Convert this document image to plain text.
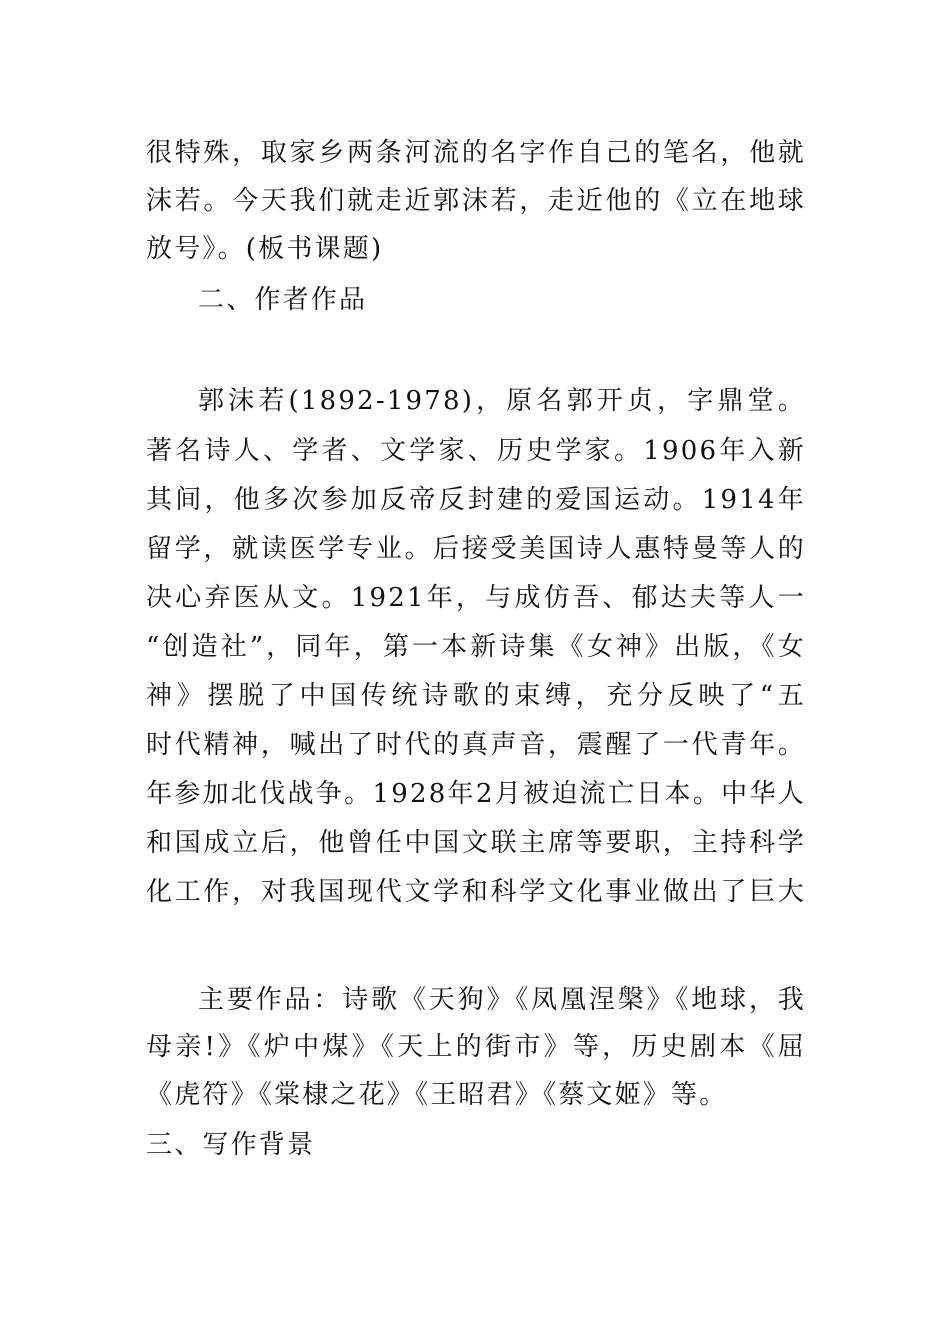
很特殊，取家乡两条河流的名字作自己的笔名，他就
沫若。今天我们就走近郭沫若，走近他的《立在地球
放号》。(板书课题)
二、作者作品
郭沫若(1892-1978)，原名郭开贞，字鼎堂。
著名诗人、学者、文学家、历史学家。1906年入新
其间，他多次参加反帝反封建的爱国运动。1914年
留学，就读医学专业。后接受美国诗人惠特曼等人的
决心弃医从文。1921年，与成仿吾、郁达夫等人一
“创造社”，同年，第一本新诗集《女神》出版，《女
神》摆脱了中国传统诗歌的束缚，充分反映了“五
时代精神，喊出了时代的真声音，震醒了一代青年。
年参加北伐战争。1928年2月被迫流亡日本。中华人
和国成立后，他曾任中国文联主席等要职，主持科学
化工作，对我国现代文学和科学文化事业做出了巨大
主要作品：诗歌《天狗》《凤凰涅槃》《地球，我
母亲!》《炉中煤》《天上的街市》等，历史剧本《屈
《虎符》《棠棣之花》《王昭君》《蔡文姬》等。
三、写作背景
